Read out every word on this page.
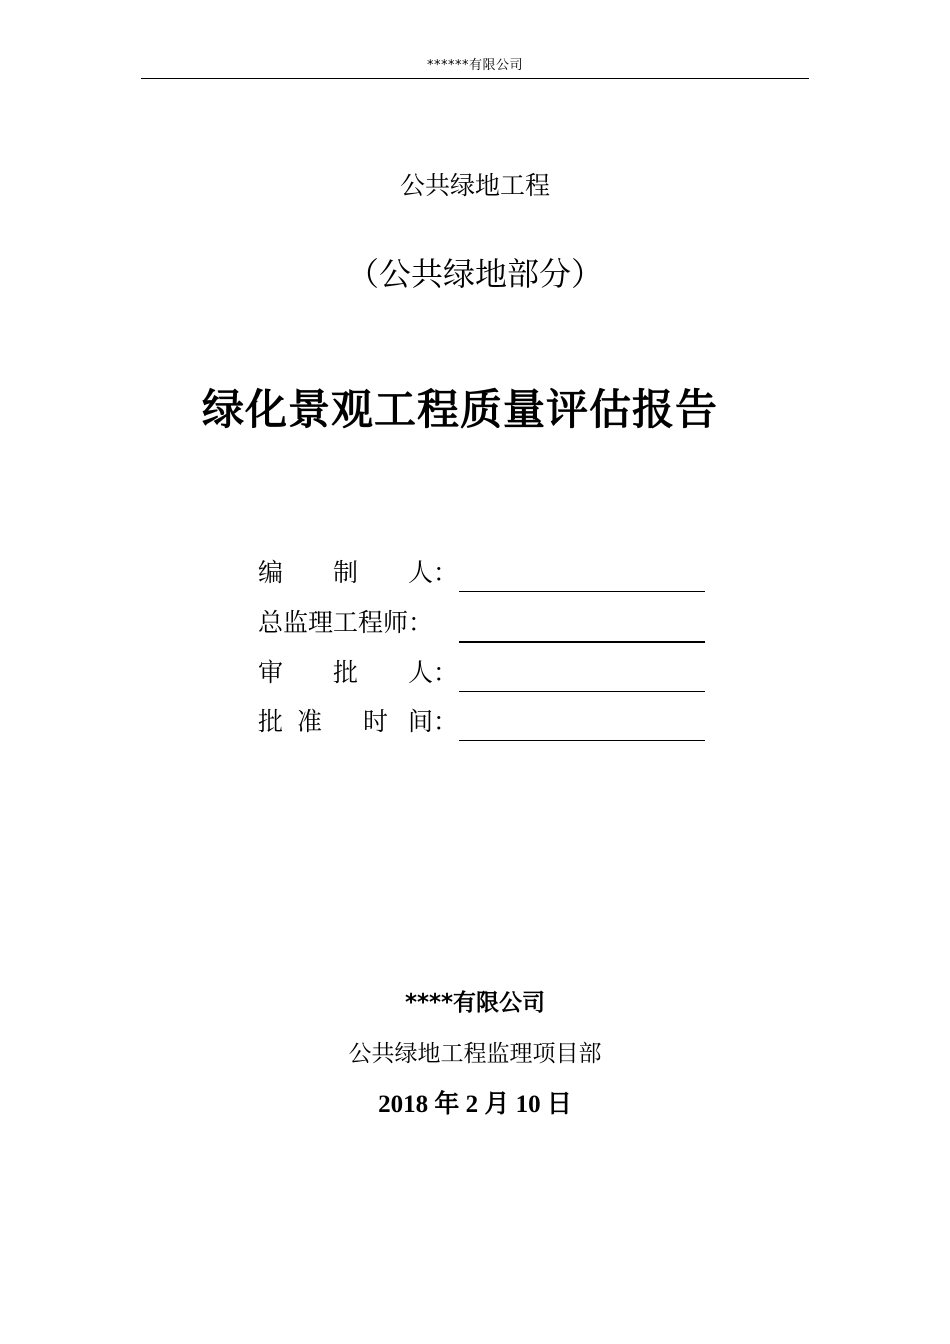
******有限公司
公共绿地工程
（公共绿地部分）
绿化景观工程质量评估报告
编 制 人 ：
总监理工程师：
审 批 人 ：
批 准 时 间：
****有限公司
公共绿地工程监理项目部
2018 年 2 月 10 日
